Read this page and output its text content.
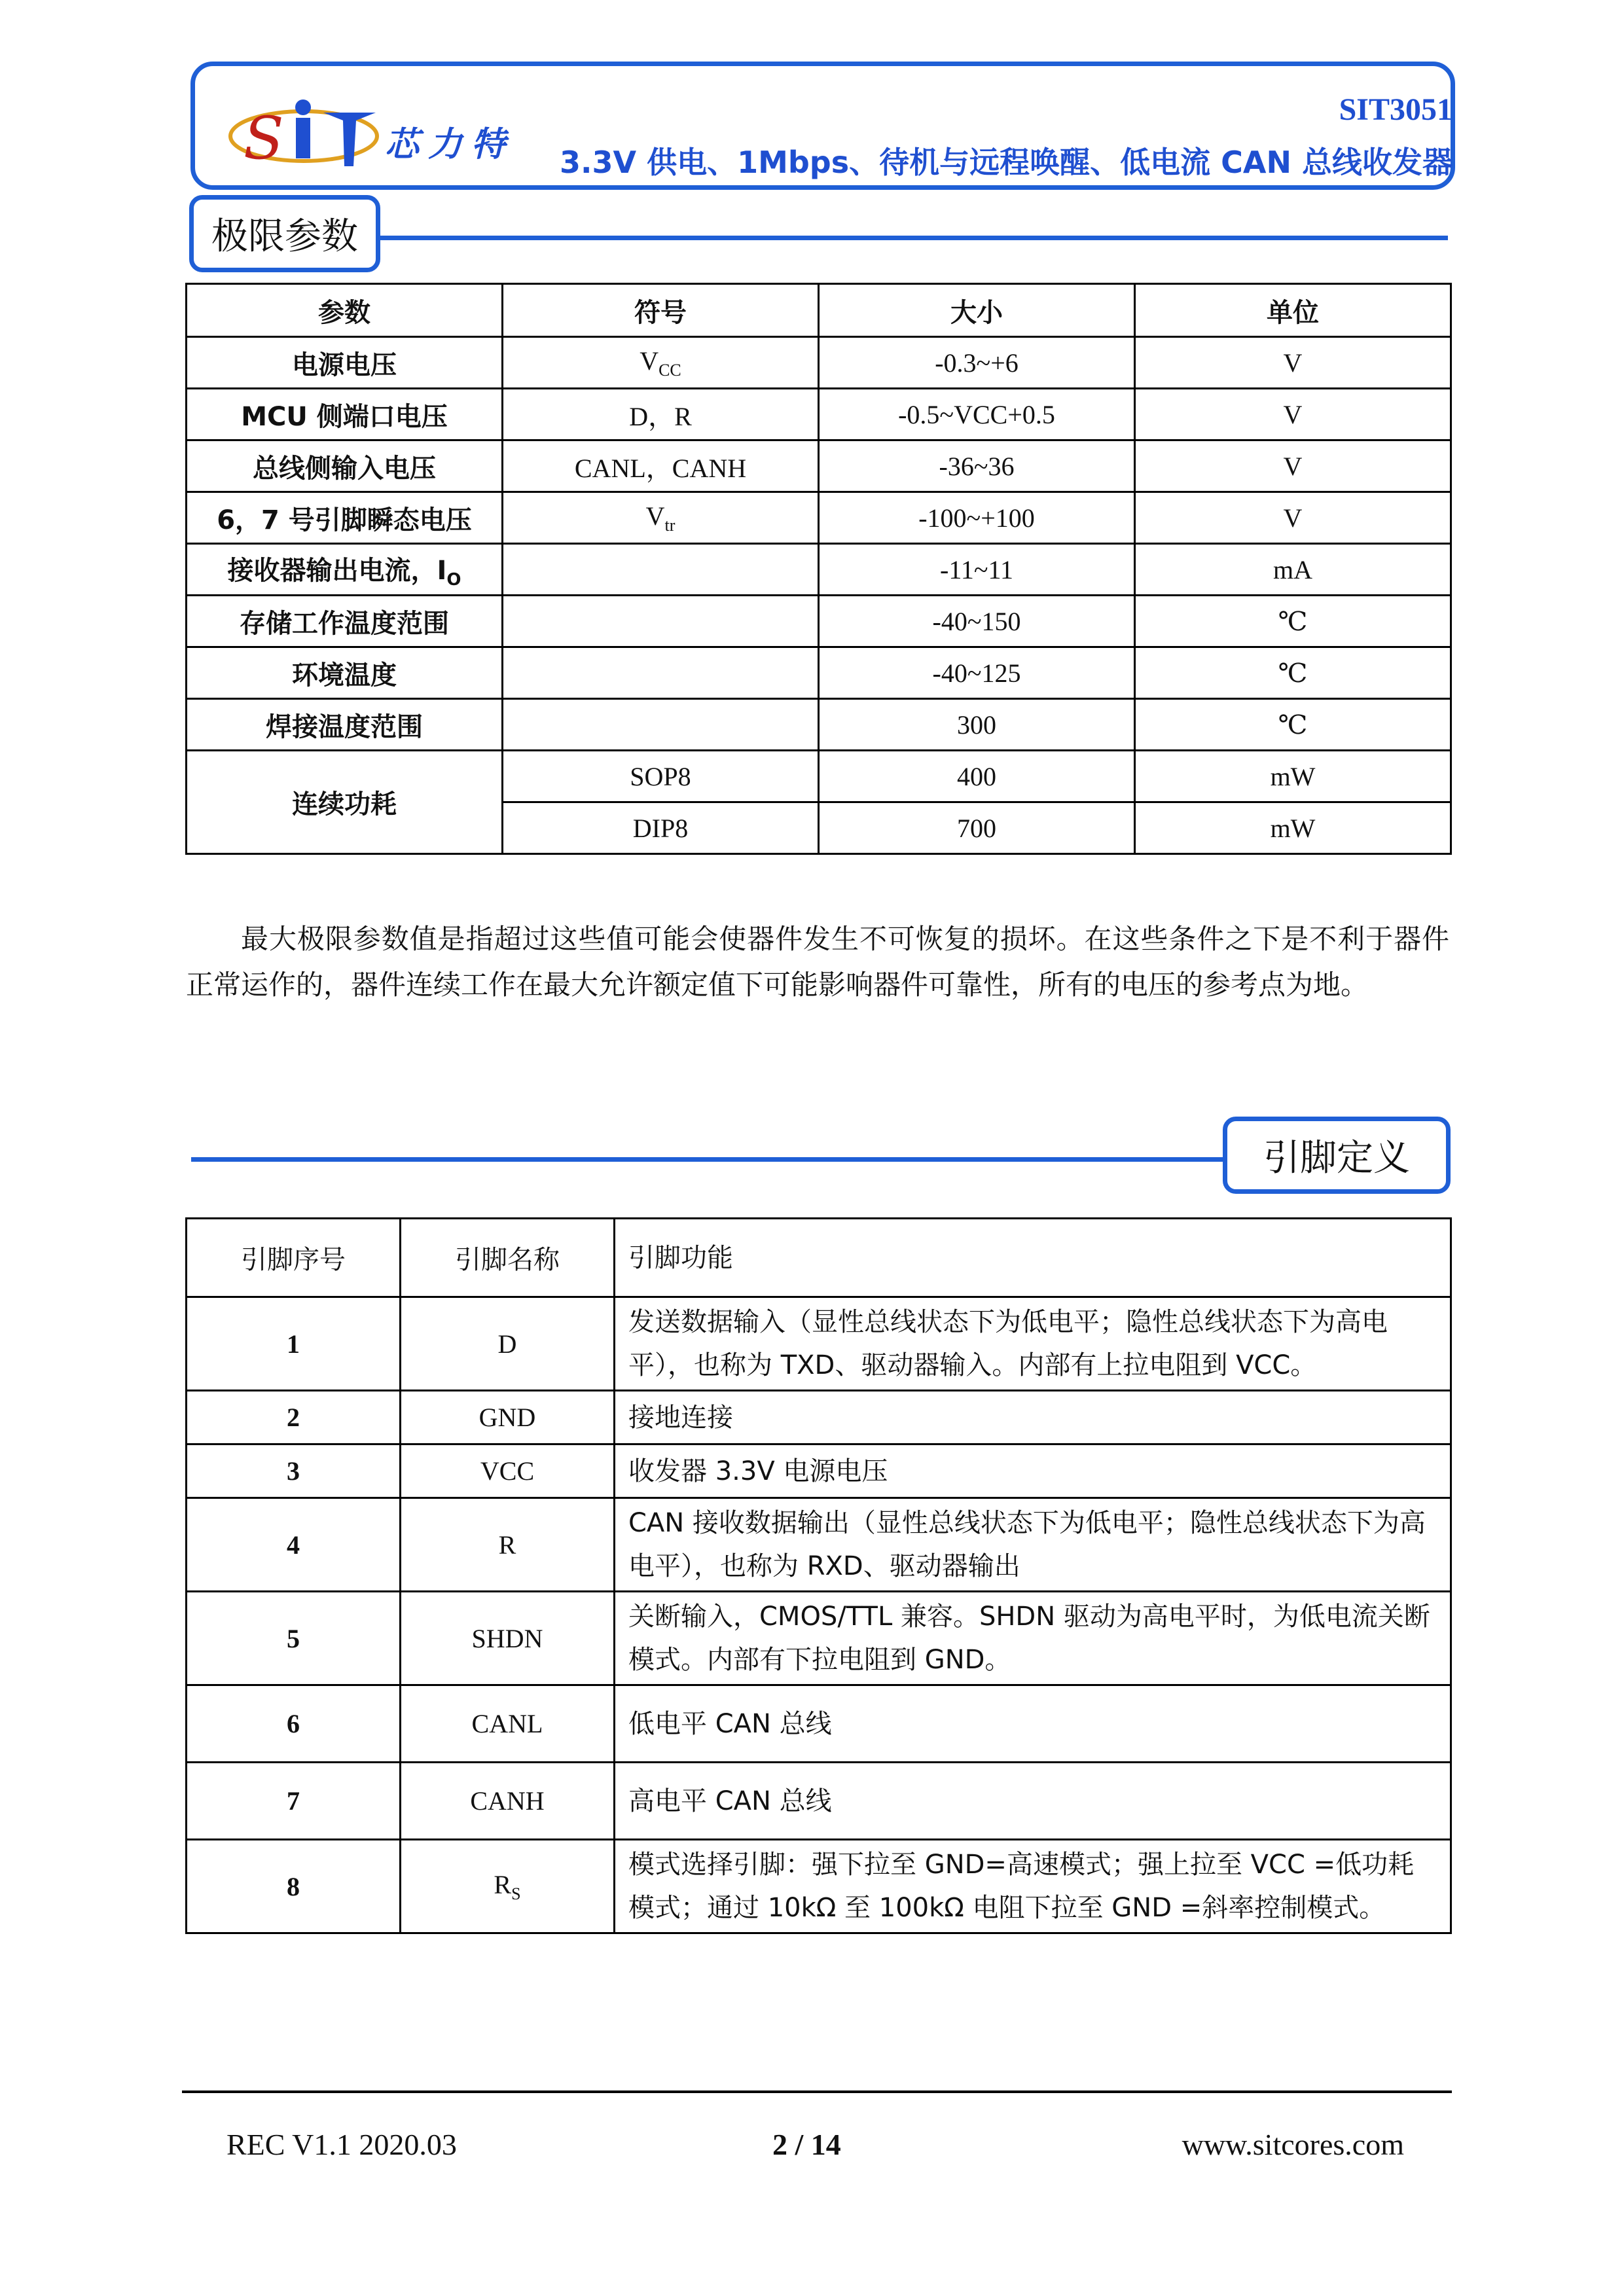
S	芯力特
SIT3051
3.3V 供电、1Mbps、待机与远程唤醒、低电流 CAN 总线收发器
极限参数
参数	符号	大小	单位
电源电压	$V_{CC}$	-0.3~+6	V
MCU 侧端口电压	D，R	-0.5~VCC+0.5	V
总线侧输入电压	CANL，CANH	-36~36	V
6，7 号引脚瞬态电压	$V_{tr}$	-100~+100	V
接收器输出电流，$I_O$		-11~11	mA
存储工作温度范围		-40~150	℃
环境温度		-40~125	℃
焊接温度范围		300	℃
连续功耗	SOP8	400	mW
	DIP8	700	mW

最大极限参数值是指超过这些值可能会使器件发生不可恢复的损坏。在这些条件之下是不利于器件正常运作的，器件连续工作在最大允许额定值下可能影响器件可靠性，所有的电压的参考点为地。

引脚定义
引脚序号	引脚名称	引脚功能
1	D	发送数据输入（显性总线状态下为低电平；隐性总线状态下为高电平），也称为 TXD、驱动器输入。内部有上拉电阻到 VCC。
2	GND	接地连接
3	VCC	收发器 3.3V 电源电压
4	R	CAN 接收数据输出（显性总线状态下为低电平；隐性总线状态下为高电平），也称为 RXD、驱动器输出
5	SHDN	关断输入，CMOS/TTL 兼容。SHDN 驱动为高电平时，为低电流关断模式。内部有下拉电阻到 GND。
6	CANL	低电平 CAN 总线
7	CANH	高电平 CAN 总线
8	$R_S$	模式选择引脚：强下拉至 GND=高速模式；强上拉至 VCC =低功耗模式；通过 10kΩ 至 100kΩ 电阻下拉至 GND =斜率控制模式。
REC V1.1 2020.03	2 / 14	www.sitcores.com
